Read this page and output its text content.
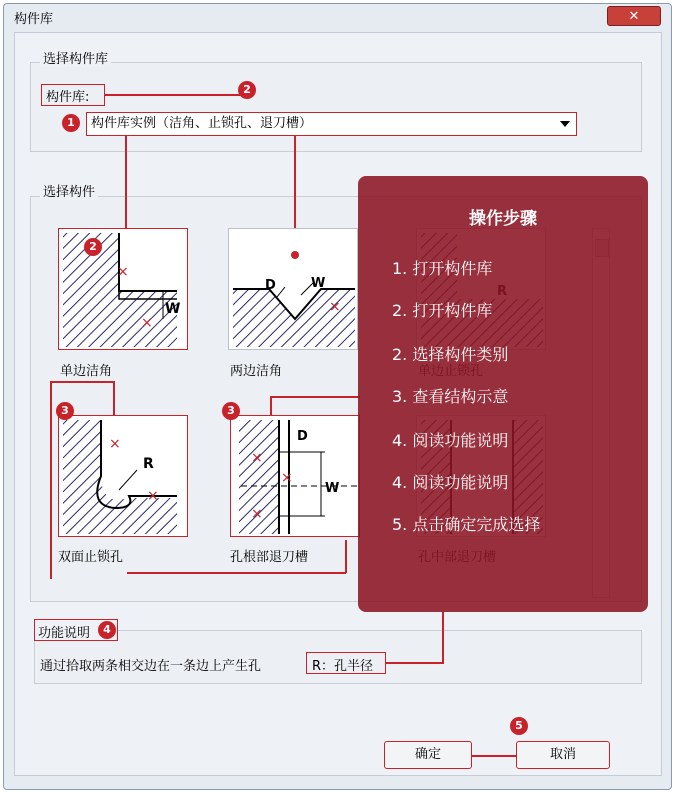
构件库	✕
选择构件库
构件库:
2
1	构件库实例（洁角、止锁孔、退刀槽）
选择构件
W
×
×
2
单边洁角
D	W
×
两边洁角
R
×
×
3
双面止锁孔
D
W
×
×
×
3
孔根部退刀槽
功能说明	4
通过拾取两条相交边在一条边上产生孔	R：孔半径
确定	取消
5
操作步骤
1. 打开构件库
2. 打开构件库
2. 选择构件类别
3. 查看结构示意
4. 阅读功能说明
4. 阅读功能说明
5. 点击确定完成选择
